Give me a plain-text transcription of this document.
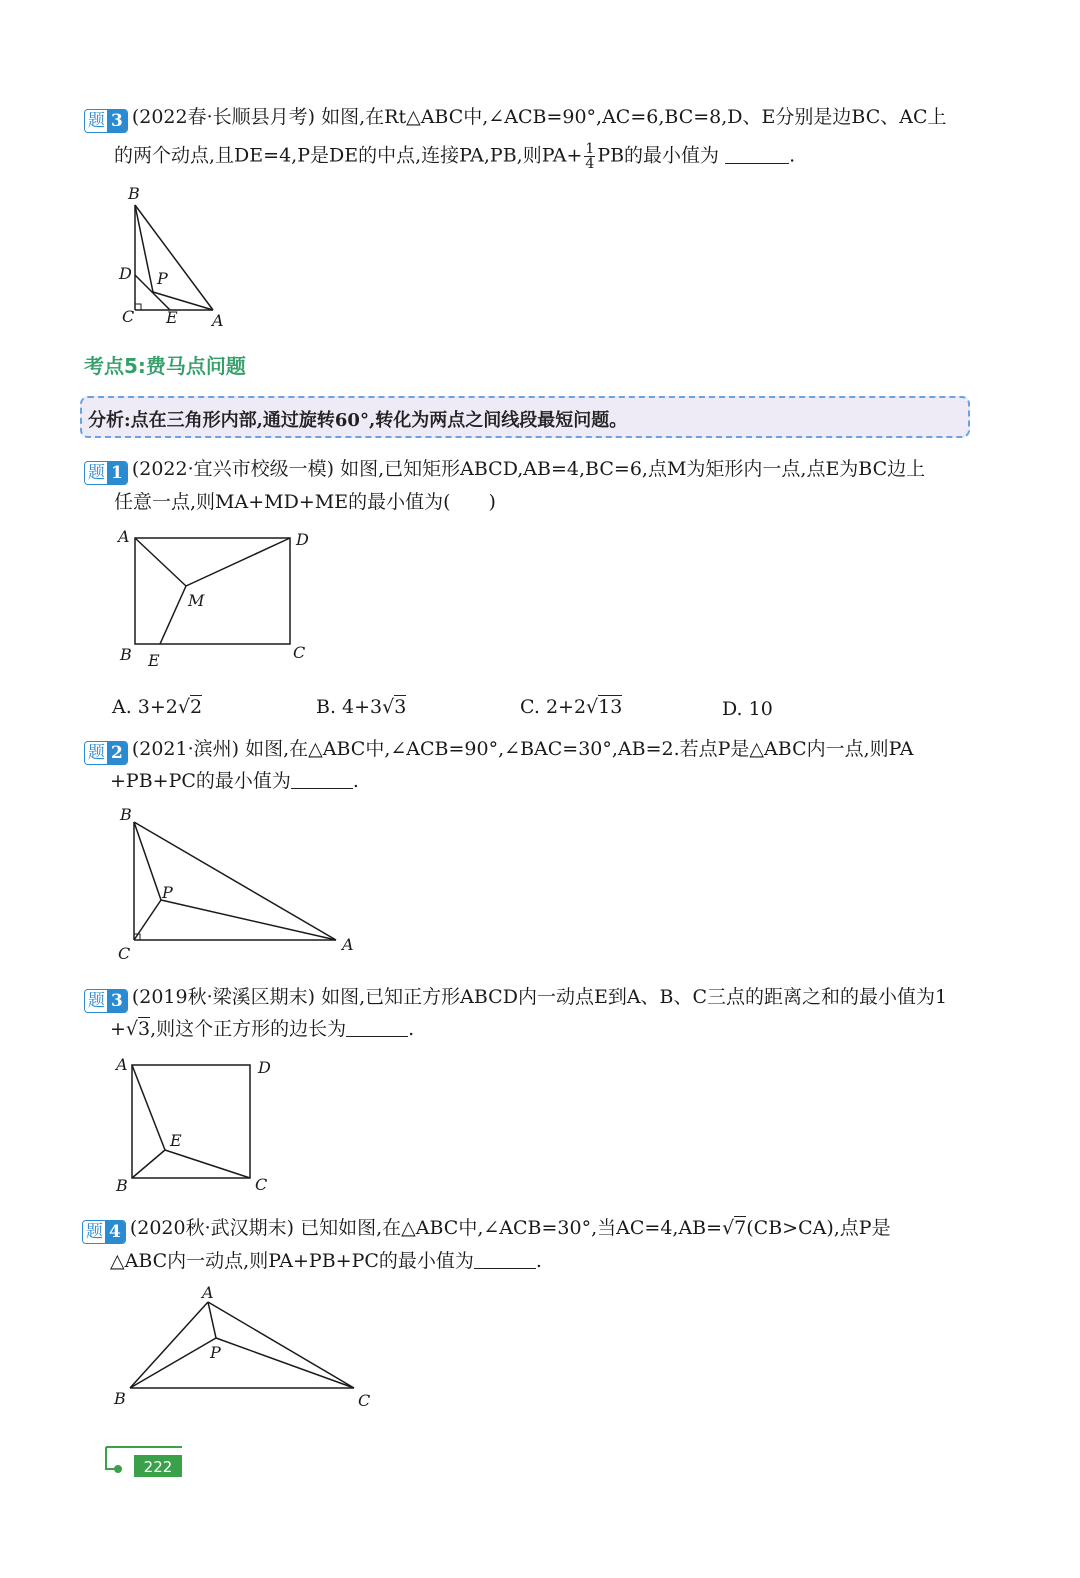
题 3 (2022春·长顺县月考) 如图,在Rt△ABC中,∠ACB=90°,AC=6,BC=8,D、E分别是边BC、AC上
的两个动点,且DE=4,P是DE的中点,连接PA,PB,则$PA+ \frac{1}{4}$ PB的最小值为	.
B
D P
C E A
考点5:费马点问题
分析:点在三角形内部,通过旋转60°,转化为两点之间线段最短问题。
题 1 (2022·宜兴市校级一模) 如图,已知矩形ABCD,AB=4,BC=6,点M为矩形内一点,点E为BC边上
任意一点,则MA+MD+ME的最小值为(　　)
A	D
M
B E	C
A. 3+2√2	B. 4+3√3	C. 2+2√13	D. 10
题 2 (2021·滨州) 如图,在△ABC中,∠ACB=90°,∠BAC=30°,AB=2.若点P是△ABC内一点,则PA
+PB+PC的最小值为	.
B
P
C	A
题 3 (2019秋·梁溪区期末) 如图,已知正方形ABCD内一动点E到A、B、C三点的距离之和的最小值为1
+√3,则这个正方形的边长为	.
A	D
E
B	C
题 4 (2020秋·武汉期末) 已知如图,在△ABC中,∠ACB=30°,当AC=4,AB=√7(CB>CA),点P是
△ABC内一动点,则PA+PB+PC的最小值为	.
A
P
B	C
222
